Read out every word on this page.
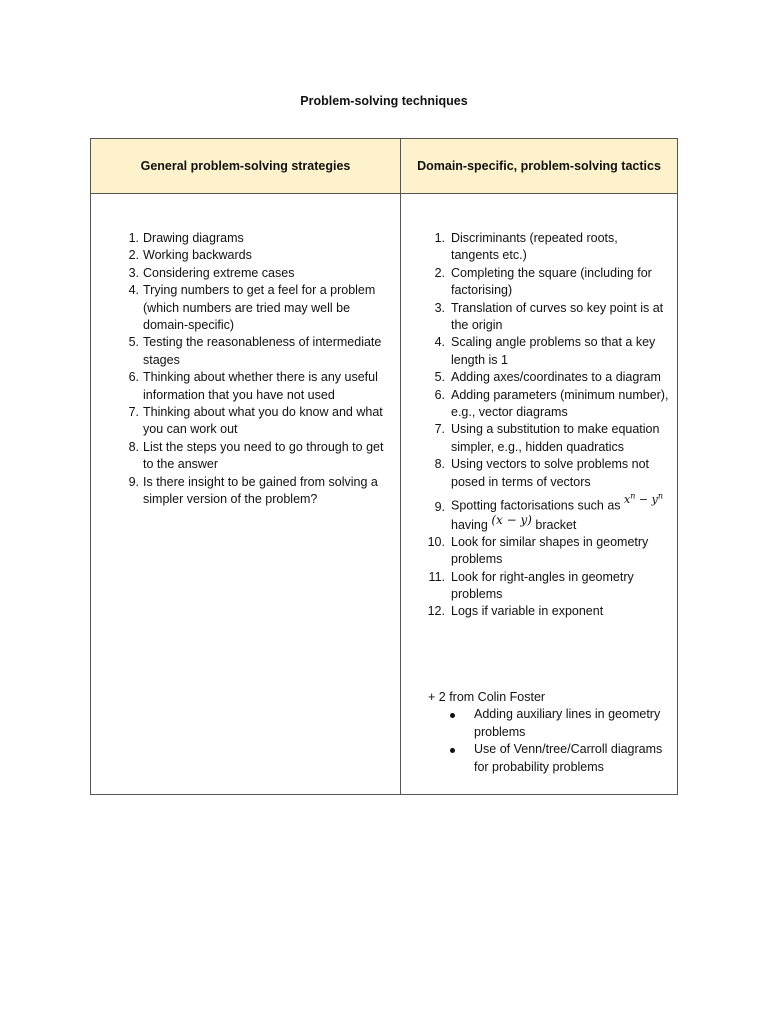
Problem-solving techniques
General problem-solving strategies	Domain-specific, problem-solving tactics
1. Drawing diagrams
2. Working backwards
3. Considering extreme cases
4. Trying numbers to get a feel for a problem (which numbers are tried may well be domain-specific)
5. Testing the reasonableness of intermediate stages
6. Thinking about whether there is any useful information that you have not used
7. Thinking about what you do know and what you can work out
8. List the steps you need to go through to get to the answer
9. Is there insight to be gained from solving a simpler version of the problem?
1. Discriminants (repeated roots, tangents etc.)
2. Completing the square (including for factorising)
3. Translation of curves so key point is at the origin
4. Scaling angle problems so that a key length is 1
5. Adding axes/coordinates to a diagram
6. Adding parameters (minimum number), e.g., vector diagrams
7. Using a substitution to make equation simpler, e.g., hidden quadratics
8. Using vectors to solve problems not posed in terms of vectors
9. Spotting factorisations such as $x^n - y^n$
having (x − y) bracket
10. Look for similar shapes in geometry problems
11. Look for right-angles in geometry problems
12. Logs if variable in exponent
+ 2 from Colin Foster
Adding auxiliary lines in geometry problems
Use of Venn/tree/Carroll diagrams for probability problems
